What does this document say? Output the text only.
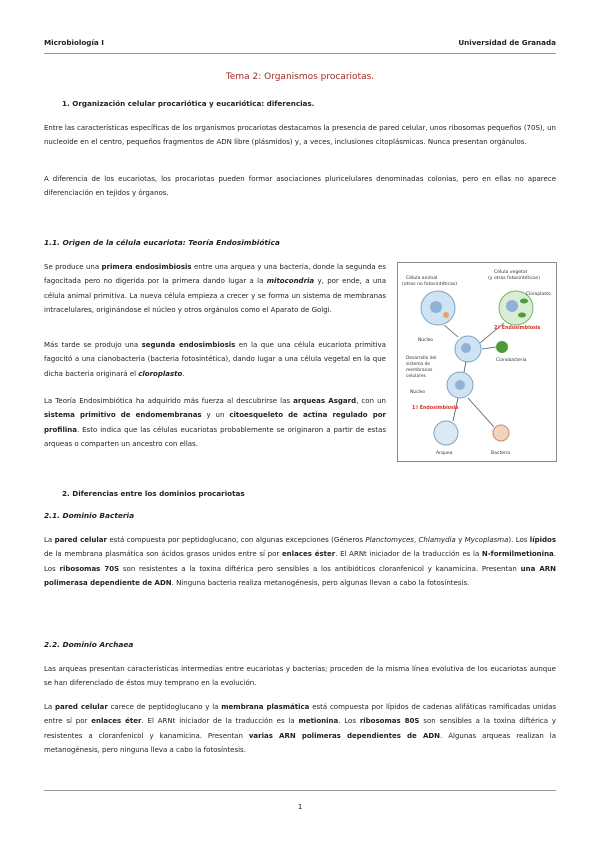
Microbiología I	Universidad de Granada
Tema 2: Organismos procariotas.
1. Organización celular procariótica y eucariótica: diferencias.
Entre las características específicas de los organismos procariotas destacamos la presencia de pared celular, unos ribosomas pequeños (70S), un nucleoide en el centro, pequeños fragmentos de ADN libre (plásmidos) y, a veces, inclusiones citoplásmicas. Nunca presentan orgánulos.
A diferencia de los eucariotas, los procariotas pueden formar asociaciones pluricelulares denominadas colonias, pero en ellas no aparece diferenciación en tejidos y órganos.
1.1. Origen de la célula eucariota: Teoría Endosimbiótica
Se produce una primera endosimbiosis entre una arquea y una bacteria, donde la segunda es fagocitada pero no digerida por la primera dando lugar a la mitocondria y, por ende, a una célula animal primitiva. La nueva célula empieza a crecer y se forma un sistema de membranas intracelulares, originándose el núcleo y otros orgánulos como el Aparato de Golgi.
Más tarde se produjo una segunda endosimbiosis en la que una célula eucariota primitiva fagocitó a una cianobacteria (bacteria fotosintética), dando lugar a una célula vegetal en la que dicha bacteria originará el cloroplasto.
La Teoría Endosimbiótica ha adquirido más fuerza al descubrirse las arqueas Asgard, con un sistema primitivo de endomembranas y un citoesqueleto de actina regulado por profilina. Esto indica que las células eucariotas probablemente se originaron a partir de estas arqueas o comparten un ancestro con ellas.
Célula animal
(otras no fotosintéticas)
Célula vegetal
(y otras fotosintéticas)
Cloroplasto
2ª Endosimbiosis
Núcleo
Cianobacteria
Desarrollo del
sistema de
membranas
celulares
Núcleo
1ª Endosimbiosis
Arquea	Bacteria
2. Diferencias entre los dominios procariotas
2.1. Dominio Bacteria
La pared celular está compuesta por peptidoglucano, con algunas excepciones (Géneros Planctomyces, Chlamydia y Mycoplasma). Los lípidos de la membrana plasmática son ácidos grasos unidos entre sí por enlaces éster. El ARNt iniciador de la traducción es la N-formilmetionina. Los ribosomas 70S son resistentes a la toxina diftérica pero sensibles a los antibióticos cloranfenicol y kanamicina. Presentan una ARN polimerasa dependiente de ADN. Ninguna bacteria realiza metanogénesis, pero algunas llevan a cabo la fotosíntesis.
2.2. Dominio Archaea
Las arqueas presentan características intermedias entre eucariotas y bacterias; proceden de la misma línea evolutiva de los eucariotas aunque se han diferenciado de éstos muy temprano en la evolución.
La pared celular carece de peptidoglucano y la membrana plasmática está compuesta por lípidos de cadenas alifáticas ramificadas unidas entre sí por enlaces éter. El ARNt iniciador de la traducción es la metionina. Los ribosomas 80S son sensibles a la toxina diftérica y resistentes a cloranfenicol y kanamicina. Presentan varias ARN polimeras dependientes de ADN. Algunas arqueas realizan la metanogénesis, pero ninguna lleva a cabo la fotosíntesis.
1
